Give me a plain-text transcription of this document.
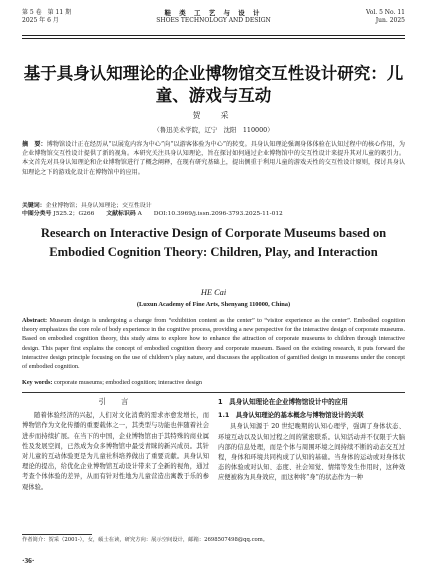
第 5 卷　第 11 期
2025 年 6 月
鞋 类 工 艺 与 设 计
SHOES TECHNOLOGY AND DESIGN
Vol. 5 No. 11
Jun. 2025
基于具身认知理论的企业博物馆交互性设计研究：儿童、游戏与互动
贺　采
（鲁迅美术学院，辽宁　沈阳　110000）
摘　要：博物馆设计正在经历从“以展览内容为中心”向“以游客体验为中心”的转变。具身认知理论强调身体体验在认知过程中的核心作用，为企业博物馆交互性设计提供了新的视角。本研究关注具身认知理论，旨在探讨如何通过企业博物馆中的交互性设计来提升其对儿童的吸引力。本文首先对具身认知理论和企业博物馆进行了概念阐释，在现有研究基础上，提出侧重于利用儿童的游戏天性的交互性设计原则，探讨具身认知理论之下的游戏化设计在博物馆中的应用。
关键词：企业博物馆；具身认知理论；交互性设计
中图分类号 J525.2；G266 文献标识码 A DOI:10.3969/j.issn.2096-3793.2025-11-012
Research on Interactive Design of Corporate Museums based on Embodied Cognition Theory: Children, Play, and Interaction
HE Cai
(Luxun Academy of Fine Arts, Shenyang 110000, China)
Abstract: Museum design is undergoing a change from “exhibition content as the center” to “visitor experience as the center”. Embodied cognition theory emphasizes the core role of body experience in the cognitive process, providing a new perspective for the interactive design of corporate museums. Based on embodied cognition theory, this study aims to explore how to enhance the attraction of corporate museums to children through interactive design. This paper first explains the concept of embodied cognition theory and corporate museum. Based on the existing research, it puts forward the interactive design principle focusing on the use of children’s play nature, and discusses the application of gamified design in museums under the concept of embodied cognition.
Key words: corporate museums; embodied cognition; interactive design
引　言

随着体验经济的兴起，人们对文化消费的需求亦愈发增长，而博物馆作为文化传播的重要载体之一，其类型与功能也伴随着社会进步而持续扩展。在当下的中国，企业博物馆由于其特殊的商业属性及发展空间，已然成为众多博物馆中最受青睐的新兴成员。其针对儿童的互动体验更是为儿童社科培养做出了重要贡献。具身认知理论的提出，给优化企业博物馆互动设计带来了全新的视角，通过考查个体体验的差异，从而有针对性地为儿童营造出寓教于乐的参观体验。

1　具身认知理论在企业博物馆设计中的应用
1.1　具身认知理论的基本概念与博物馆设计的关联

具身认知源于 20 世纪晚期的认知心理学，强调了身体状态、环境互动以及认知过程之间的紧密联系。认知活动并不仅限于大脑内部的信息处理，而是个体与周围环境之间持续不断的动态交互过程，身体和环境共同构成了认知的基础。当身体的运动或对身体状态的体验或对认知、态度、社会知觉、情绪等发生作用时，这种效应便被称为具身效应，而这种将“身”的状态作为一种

作者简介：贺采（2001-），女，硕士在读，研究方向：展示空间设计，邮箱：2698507498@qq.com。
·36·
